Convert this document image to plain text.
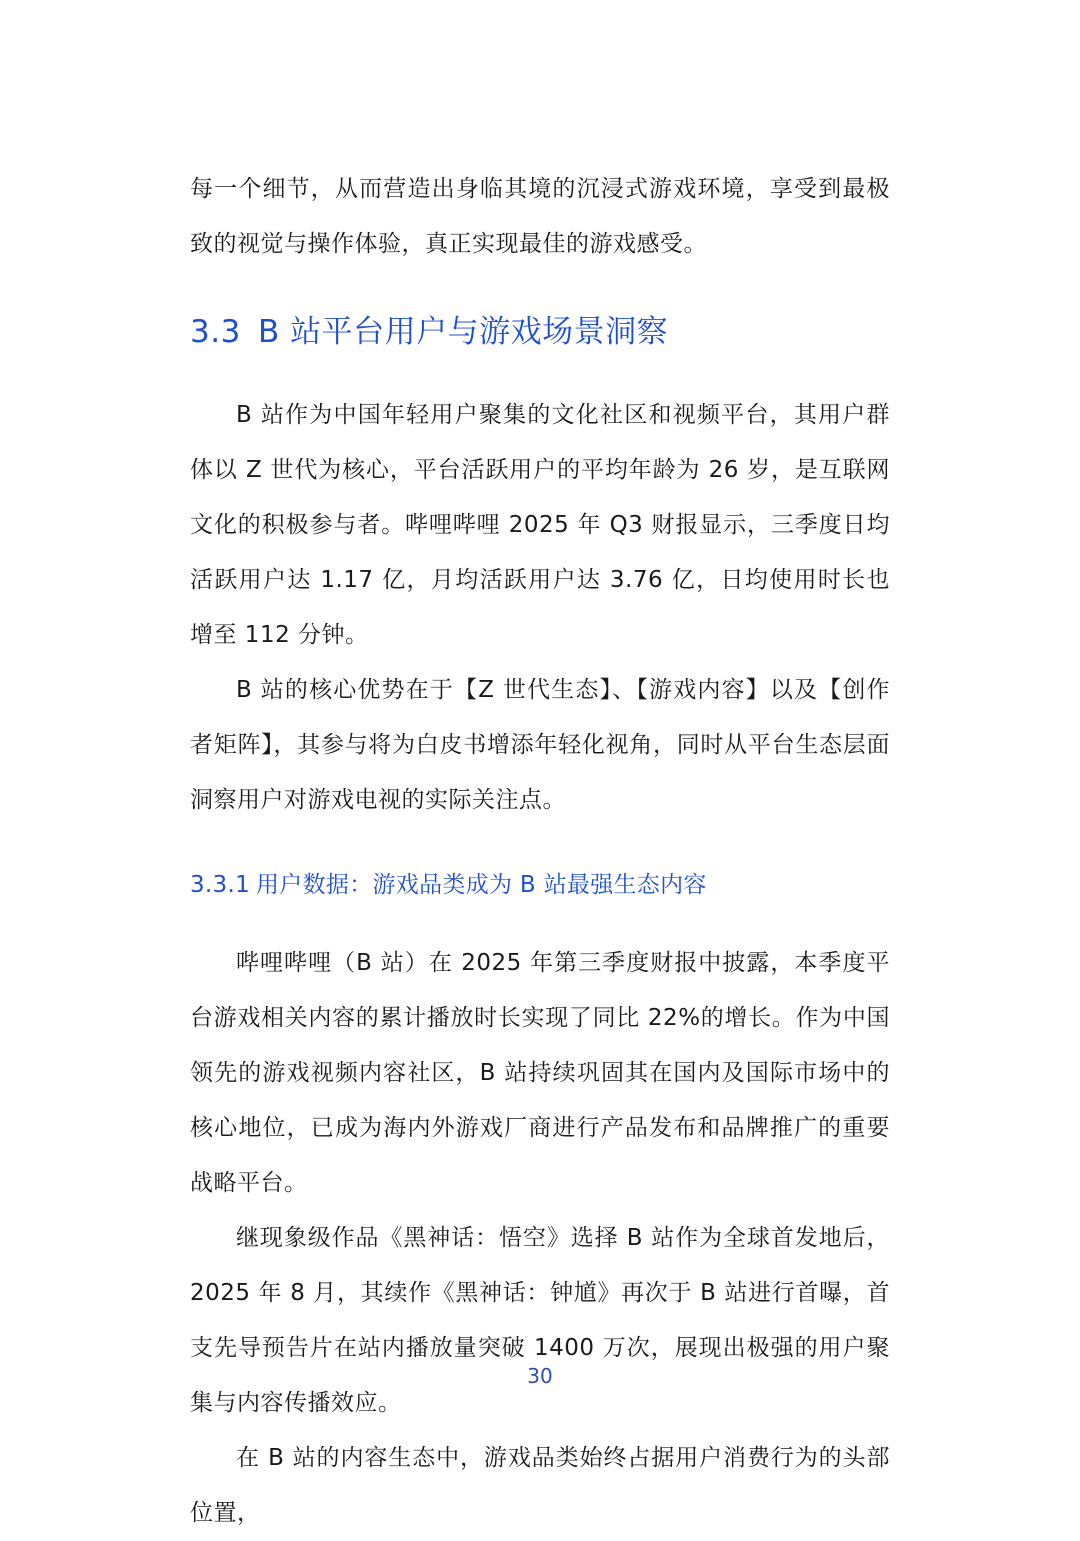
每一个细节，从而营造出身临其境的沉浸式游戏环境，享受到最极致的视觉与操作体验，真正实现最佳的游戏感受。

3.3 B 站平台用户与游戏场景洞察

B 站作为中国年轻用户聚集的文化社区和视频平台，其用户群体以 Z 世代为核心，平台活跃用户的平均年龄为 26 岁，是互联网文化的积极参与者。哔哩哔哩 2025 年 Q3 财报显示，三季度日均活跃用户达 1.17 亿，月均活跃用户达 3.76 亿，日均使用时长也增至 112 分钟。

B 站的核心优势在于【Z 世代生态】、【游戏内容】以及【创作者矩阵】，其参与将为白皮书增添年轻化视角，同时从平台生态层面洞察用户对游戏电视的实际关注点。

3.3.1 用户数据：游戏品类成为 B 站最强生态内容

哔哩哔哩（B 站）在 2025 年第三季度财报中披露，本季度平台游戏相关内容的累计播放时长实现了同比 22%的增长。作为中国领先的游戏视频内容社区，B 站持续巩固其在国内及国际市场中的核心地位，已成为海内外游戏厂商进行产品发布和品牌推广的重要战略平台。

继现象级作品《黑神话：悟空》选择 B 站作为全球首发地后，2025 年 8 月，其续作《黑神话：钟馗》再次于 B 站进行首曝，首支先导预告片在站内播放量突破 1400 万次，展现出极强的用户聚集与内容传播效应。

在 B 站的内容生态中，游戏品类始终占据用户消费行为的头部位置，

30
